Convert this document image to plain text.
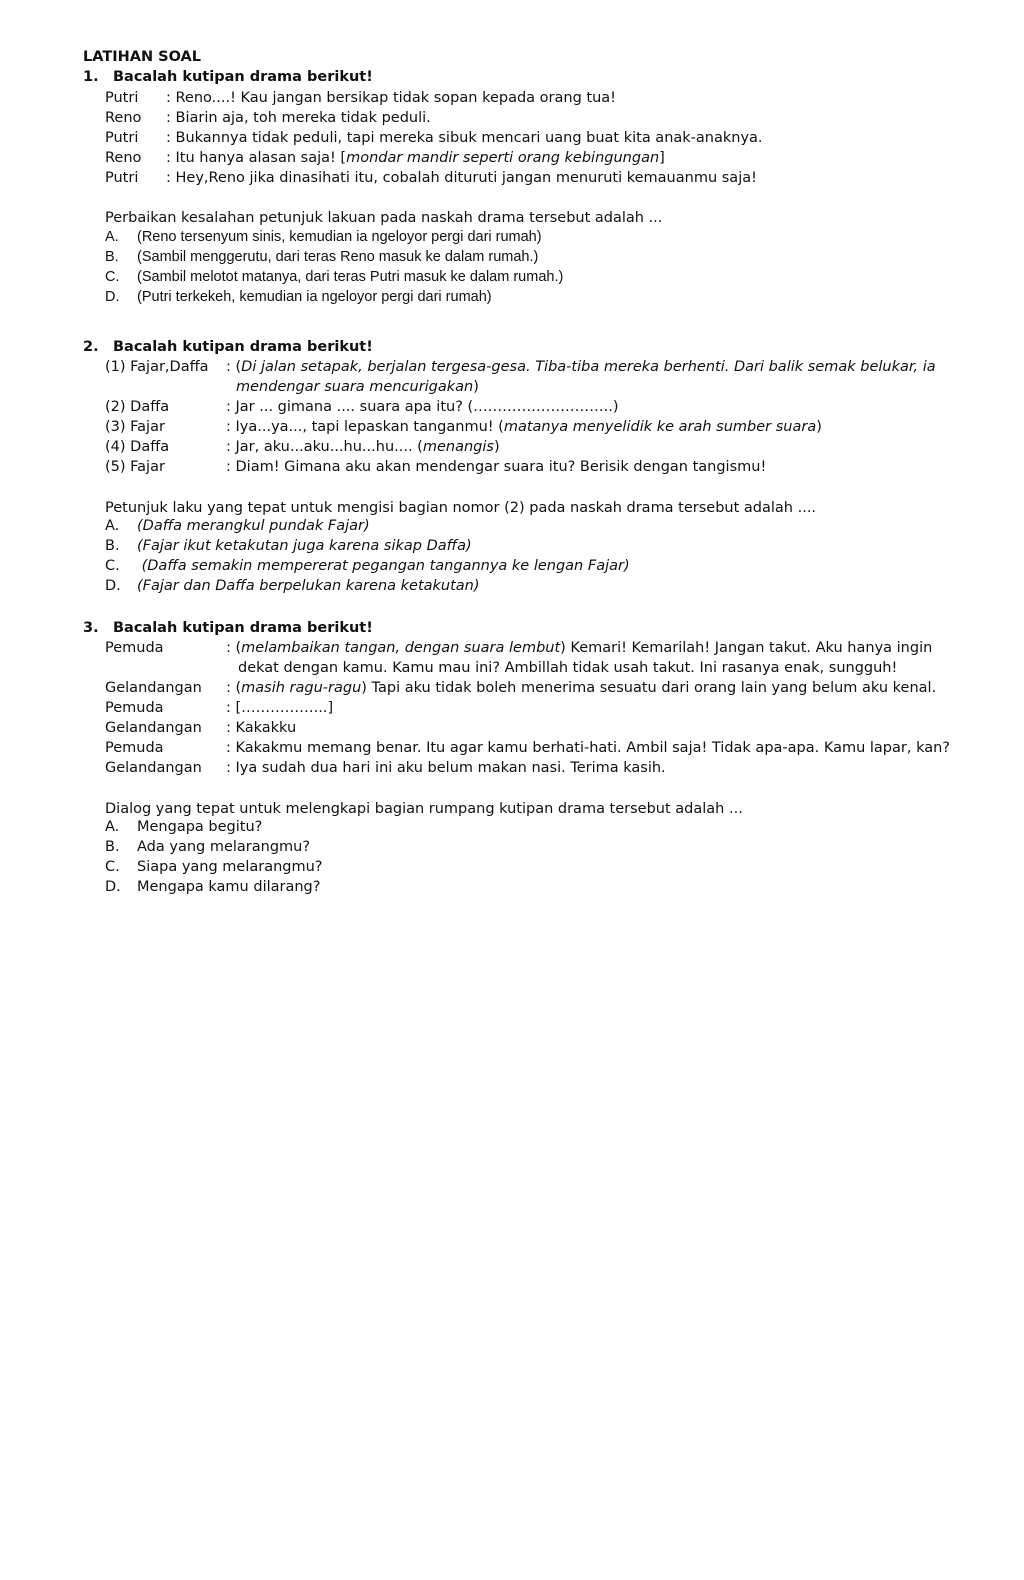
LATIHAN SOAL
1. Bacalah kutipan drama berikut!
Putri : Reno....! Kau jangan bersikap tidak sopan kepada orang tua!
Reno : Biarin aja, toh mereka tidak peduli.
Putri : Bukannya tidak peduli, tapi mereka sibuk mencari uang buat kita anak-anaknya.
Reno : Itu hanya alasan saja! [mondar mandir seperti orang kebingungan]
Putri : Hey,Reno jika dinasihati itu, cobalah dituruti jangan menuruti kemauanmu saja!
Perbaikan kesalahan petunjuk lakuan pada naskah drama tersebut adalah ...
A. (Reno tersenyum sinis, kemudian ia ngeloyor pergi dari rumah)
B. (Sambil menggerutu, dari teras Reno masuk ke dalam rumah.)
C. (Sambil melotot matanya, dari teras Putri masuk ke dalam rumah.)
D. (Putri terkekeh, kemudian ia ngeloyor pergi dari rumah)
2. Bacalah kutipan drama berikut!
(1) Fajar,Daffa : (Di jalan setapak, berjalan tergesa-gesa. Tiba-tiba mereka berhenti. Dari balik semak belukar, ia
mendengar suara mencurigakan)
(2) Daffa	: Jar ... gimana .... suara apa itu? (………………………..)
(3) Fajar	: Iya...ya..., tapi lepaskan tanganmu! (matanya menyelidik ke arah sumber suara)
(4) Daffa	: Jar, aku...aku...hu...hu.... (menangis)
(5) Fajar	: Diam! Gimana aku akan mendengar suara itu? Berisik dengan tangismu!
Petunjuk laku yang tepat untuk mengisi bagian nomor (2) pada naskah drama tersebut adalah ....
A. (Daffa merangkul pundak Fajar)
B. (Fajar ikut ketakutan juga karena sikap Daffa)
C. (Daffa semakin mempererat pegangan tangannya ke lengan Fajar)
D. (Fajar dan Daffa berpelukan karena ketakutan)
3. Bacalah kutipan drama berikut!
Pemuda	: (melambaikan tangan, dengan suara lembut) Kemari! Kemarilah! Jangan takut. Aku hanya ingin
dekat dengan kamu. Kamu mau ini? Ambillah tidak usah takut. Ini rasanya enak, sungguh!
Gelandangan : (masih ragu-ragu) Tapi aku tidak boleh menerima sesuatu dari orang lain yang belum aku kenal.
Pemuda	: [……………...]
Gelandangan : Kakakku
Pemuda	: Kakakmu memang benar. Itu agar kamu berhati-hati. Ambil saja! Tidak apa-apa. Kamu lapar, kan?
Gelandangan : Iya sudah dua hari ini aku belum makan nasi. Terima kasih.
Dialog yang tepat untuk melengkapi bagian rumpang kutipan drama tersebut adalah ...
A. Mengapa begitu?
B. Ada yang melarangmu?
C. Siapa yang melarangmu?
D. Mengapa kamu dilarang?
